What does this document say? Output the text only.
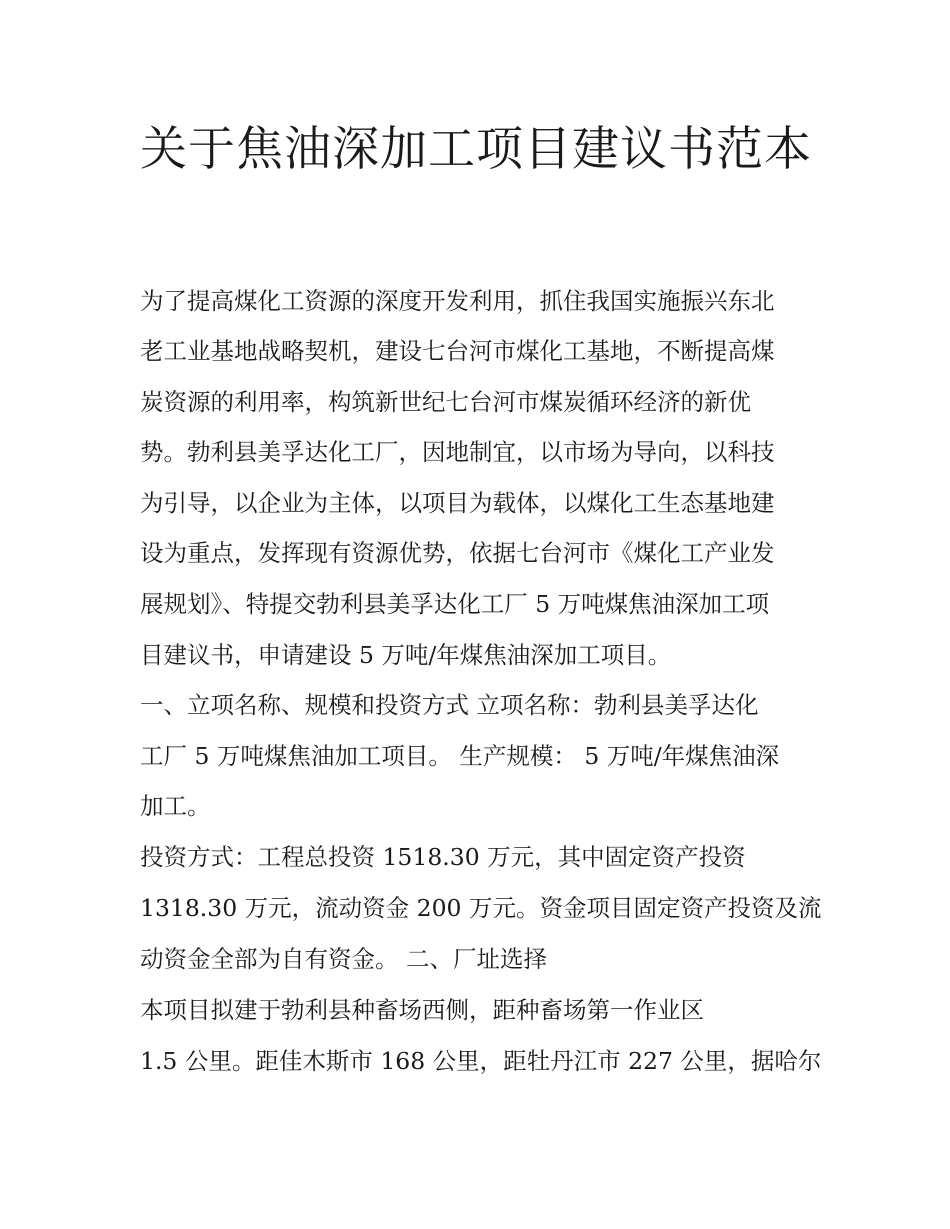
关于焦油深加工项目建议书范本

为了提高煤化工资源的深度开发利用，抓住我国实施振兴东北

老工业基地战略契机，建设七台河市煤化工基地，不断提高煤

炭资源的利用率，构筑新世纪七台河市煤炭循环经济的新优

势。勃利县美孚达化工厂，因地制宜，以市场为导向，以科技

为引导，以企业为主体，以项目为载体，以煤化工生态基地建

设为重点，发挥现有资源优势，依据七台河市《煤化工产业发

展规划》、特提交勃利县美孚达化工厂 5 万吨煤焦油深加工项

目建议书，申请建设 5 万吨/年煤焦油深加工项目。

一、立项名称、规模和投资方式 立项名称：勃利县美孚达化

工厂 5 万吨煤焦油加工项目。 生产规模： 5 万吨/年煤焦油深

加工。

投资方式：工程总投资 1518.30 万元，其中固定资产投资

1318.30 万元，流动资金 200 万元。资金项目固定资产投资及流

动资金全部为自有资金。 二、厂址选择

本项目拟建于勃利县种畜场西侧，距种畜场第一作业区

1.5 公里。距佳木斯市 168 公里，距牡丹江市 227 公里，据哈尔
